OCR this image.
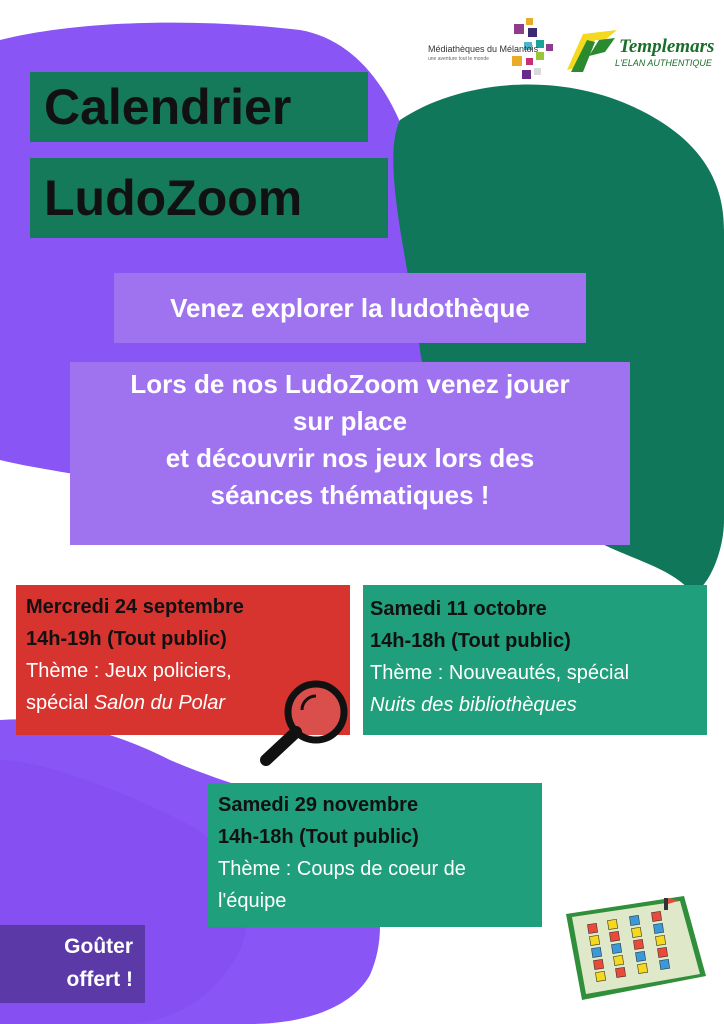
Médiathèques du Mélantois
une aventure tout le monde
Templemars
L'ELAN AUTHENTIQUE
Calendrier
LudoZoom
Venez explorer la ludothèque
Lors de nos LudoZoom venez jouer
sur place
et découvrir nos jeux lors des
séances thématiques !
Mercredi 24 septembre
14h-19h (Tout public)
Thème : Jeux policiers,
spécial Salon du Polar
Samedi 11 octobre
14h-18h (Tout public)
Thème : Nouveautés, spécial
Nuits des bibliothèques
Samedi 29 novembre
14h-18h (Tout public)
Thème : Coups de coeur de
l'équipe
Goûter
offert !
